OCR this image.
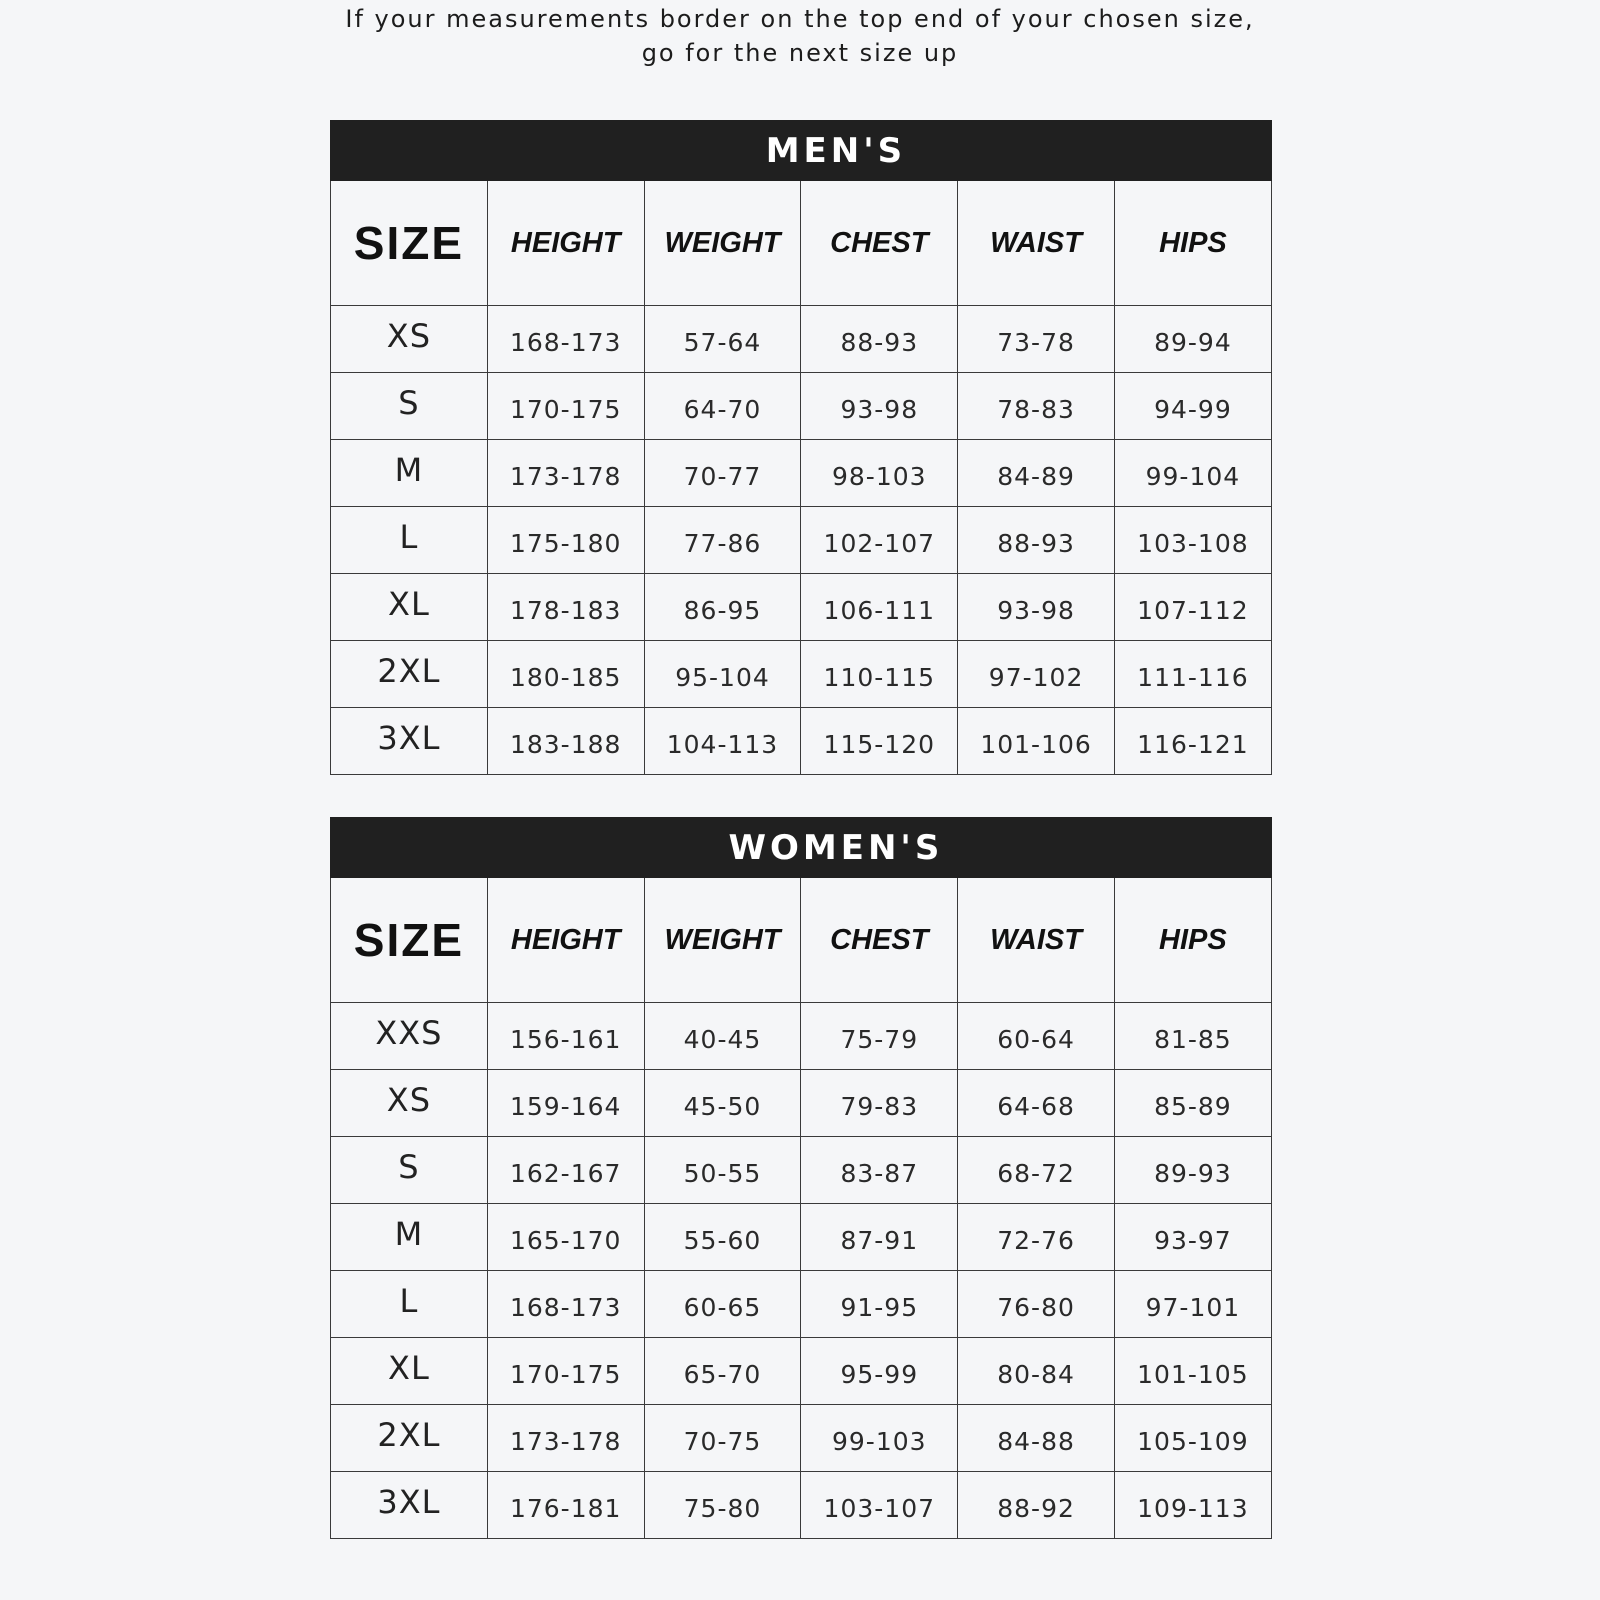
If your measurements border on the top end of your chosen size,
go for the next size up
MEN'S					
SIZE	HEIGHT	WEIGHT	CHEST	WAIST	HIPS
XS	168-173	57-64	88-93	73-78	89-94
S	170-175	64-70	93-98	78-83	94-99
M	173-178	70-77	98-103	84-89	99-104
L	175-180	77-86	102-107	88-93	103-108
XL	178-183	86-95	106-111	93-98	107-112
2XL	180-185	95-104	110-115	97-102	111-116
3XL	183-188	104-113	115-120	101-106	116-121
WOMEN'S					
SIZE	HEIGHT	WEIGHT	CHEST	WAIST	HIPS
XXS	156-161	40-45	75-79	60-64	81-85
XS	159-164	45-50	79-83	64-68	85-89
S	162-167	50-55	83-87	68-72	89-93
M	165-170	55-60	87-91	72-76	93-97
L	168-173	60-65	91-95	76-80	97-101
XL	170-175	65-70	95-99	80-84	101-105
2XL	173-178	70-75	99-103	84-88	105-109
3XL	176-181	75-80	103-107	88-92	109-113
